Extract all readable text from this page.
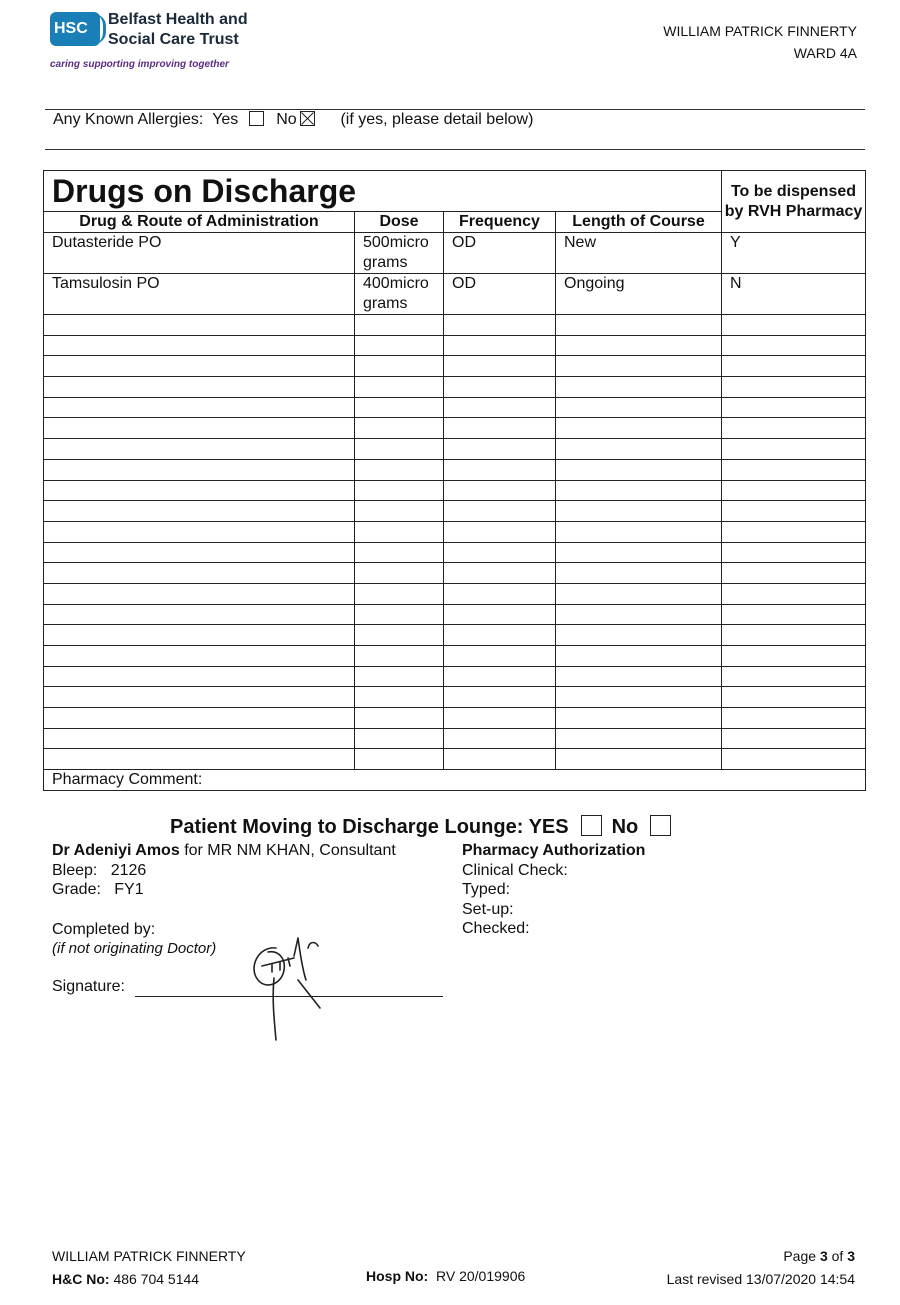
HSC
Belfast Health and
Social Care Trust
caring supporting improving together
WILLIAM PATRICK FINNERTY
WARD 4A
Any Known Allergies: Yes No	(if yes, please detail below)
Drugs on Discharge				To be dispensed by RVH Pharmacy
Drug & Route of Administration	Dose	Frequency	Length of Course	
Dutasteride PO	500micro grams	OD	New	Y
Tamsulosin PO	400micro grams	OD	Ongoing	N

Pharmacy Comment:				
Patient Moving to Discharge Lounge: YES No
Dr Adeniyi Amos for MR NM KHAN, Consultant
Bleep: 2126
Grade: FY1
Pharmacy Authorization
Clinical Check:
Typed:
Set-up:
Checked:
Completed by:
(if not originating Doctor)
Signature:
WILLIAM PATRICK FINNERTY
H&C No: 486 704 5144	Hosp No: RV 20/019906
Page 3 of 3
Last revised 13/07/2020 14:54
